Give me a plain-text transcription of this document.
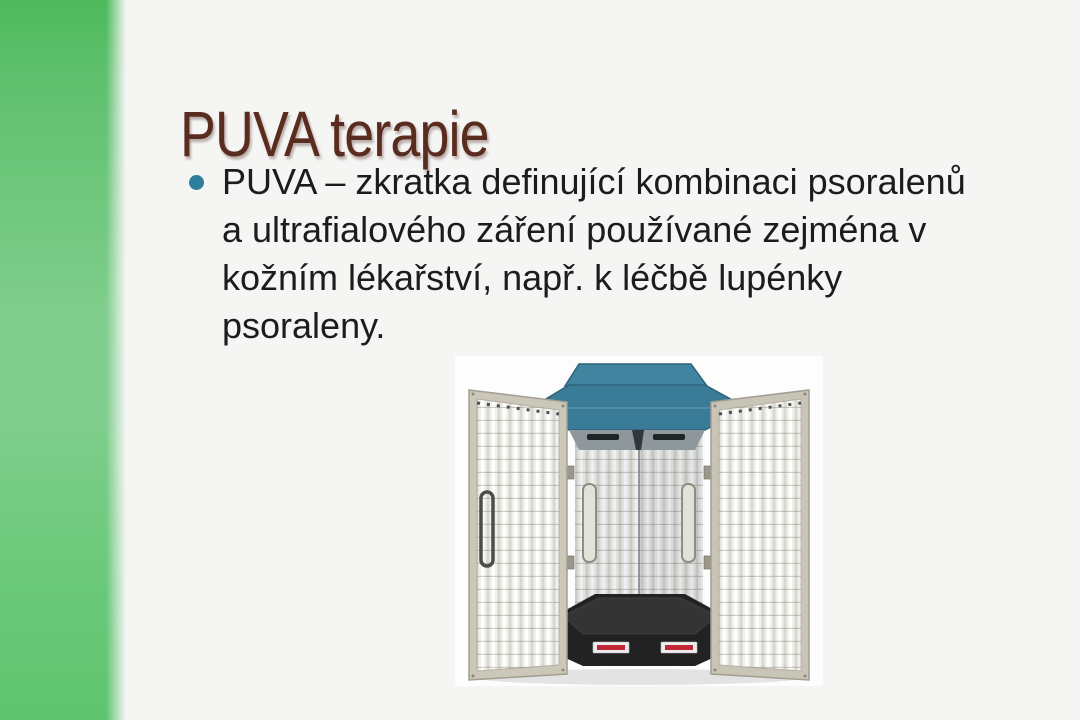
PUVA terapie
PUVA – zkratka definující kombinaci psoralenů
a ultrafialového záření používané zejména v
kožním lékařství, např. k léčbě lupénky
psoraleny.
